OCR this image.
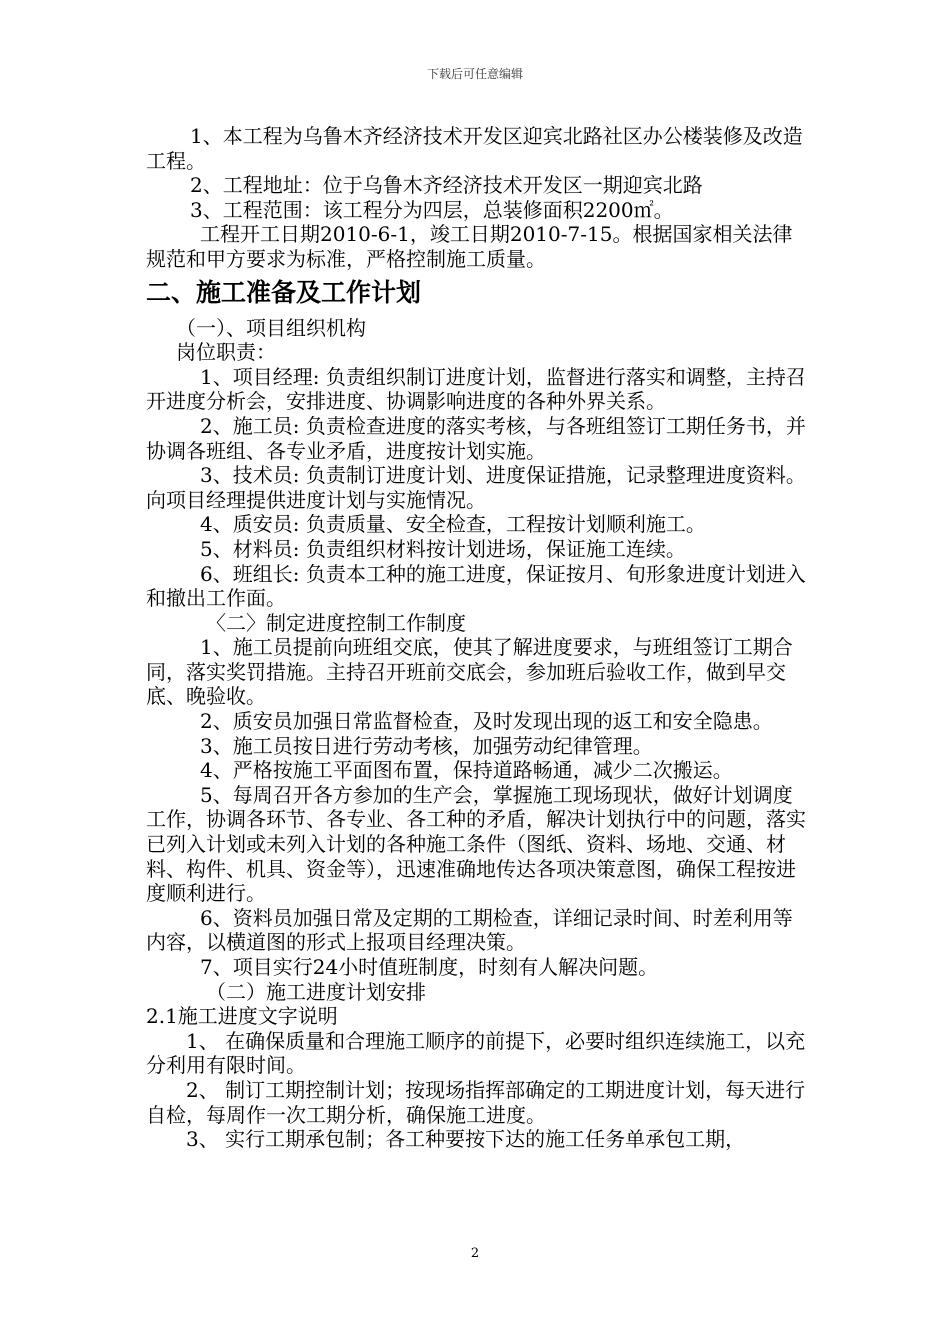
下载后可任意编辑

1、本工程为乌鲁木齐经济技术开发区迎宾北路社区办公楼装修及改造工程。

2、工程地址：位于乌鲁木齐经济技术开发区一期迎宾北路

3、工程范围：该工程分为四层，总装修面积2200㎡。

工程开工日期2010-6-1，竣工日期2010-7-15。根据国家相关法律规范和甲方要求为标准，严格控制施工质量。

二、施工准备及工作计划

（一）、项目组织机构

岗位职责：

1、项目经理: 负责组织制订进度计划，监督进行落实和调整，主持召开进度分析会，安排进度、协调影响进度的各种外界关系。

2、施工员: 负责检查进度的落实考核，与各班组签订工期任务书，并协调各班组、各专业矛盾，进度按计划实施。

3、技术员: 负责制订进度计划、进度保证措施，记录整理进度资料。向项目经理提供进度计划与实施情况。

4、质安员: 负责质量、安全检查，工程按计划顺利施工。

5、材料员: 负责组织材料按计划进场，保证施工连续。

6、班组长: 负责本工种的施工进度，保证按月、旬形象进度计划进入和撤出工作面。

〈二〉制定进度控制工作制度

1、施工员提前向班组交底，使其了解进度要求，与班组签订工期合同，落实奖罚措施。主持召开班前交底会，参加班后验收工作，做到早交底、晚验收。

2、质安员加强日常监督检查，及时发现出现的返工和安全隐患。

3、施工员按日进行劳动考核，加强劳动纪律管理。

4、严格按施工平面图布置，保持道路畅通，减少二次搬运。

5、每周召开各方参加的生产会，掌握施工现场现状，做好计划调度工作，协调各环节、各专业、各工种的矛盾，解决计划执行中的问题，落实已列入计划或未列入计划的各种施工条件（图纸、资料、场地、交通、材料、构件、机具、资金等），迅速准确地传达各项决策意图，确保工程按进度顺利进行。

6、资料员加强日常及定期的工期检查，详细记录时间、时差利用等内容，以横道图的形式上报项目经理决策。

7、项目实行24小时值班制度，时刻有人解决问题。

（二）施工进度计划安排

2.1施工进度文字说明

1、 在确保质量和合理施工顺序的前提下，必要时组织连续施工，以充分利用有限时间。

2、 制订工期控制计划；按现场指挥部确定的工期进度计划，每天进行自检，每周作一次工期分析，确保施工进度。

3、 实行工期承包制；各工种要按下达的施工任务单承包工期，

2
